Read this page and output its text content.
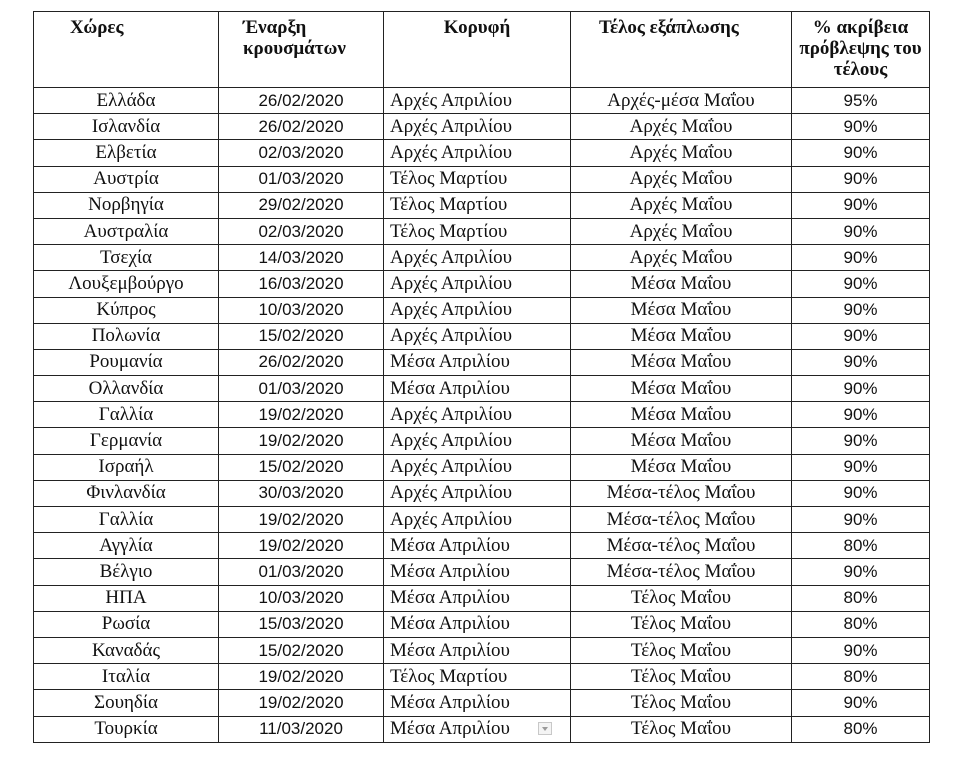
Χώρες	Έναρξη κρουσμάτων	Κορυφή	Τέλος εξάπλωσης	% ακρίβεια πρόβλεψης του τέλους
Ελλάδα	26/02/2020	Αρχές Απριλίου	Αρχές-μέσα Μαΐου	95%
Ισλανδία	26/02/2020	Αρχές Απριλίου	Αρχές Μαΐου	90%
Ελβετία	02/03/2020	Αρχές Απριλίου	Αρχές Μαΐου	90%
Αυστρία	01/03/2020	Τέλος Μαρτίου	Αρχές Μαΐου	90%
Νορβηγία	29/02/2020	Τέλος Μαρτίου	Αρχές Μαΐου	90%
Αυστραλία	02/03/2020	Τέλος Μαρτίου	Αρχές Μαΐου	90%
Τσεχία	14/03/2020	Αρχές Απριλίου	Αρχές Μαΐου	90%
Λουξεμβούργο	16/03/2020	Αρχές Απριλίου	Μέσα Μαΐου	90%
Κύπρος	10/03/2020	Αρχές Απριλίου	Μέσα Μαΐου	90%
Πολωνία	15/02/2020	Αρχές Απριλίου	Μέσα Μαΐου	90%
Ρουμανία	26/02/2020	Μέσα Απριλίου	Μέσα Μαΐου	90%
Ολλανδία	01/03/2020	Μέσα Απριλίου	Μέσα Μαΐου	90%
Γαλλία	19/02/2020	Αρχές Απριλίου	Μέσα Μαΐου	90%
Γερμανία	19/02/2020	Αρχές Απριλίου	Μέσα Μαΐου	90%
Ισραήλ	15/02/2020	Αρχές Απριλίου	Μέσα Μαΐου	90%
Φινλανδία	30/03/2020	Αρχές Απριλίου	Μέσα-τέλος Μαΐου	90%
Γαλλία	19/02/2020	Αρχές Απριλίου	Μέσα-τέλος Μαΐου	90%
Αγγλία	19/02/2020	Μέσα Απριλίου	Μέσα-τέλος Μαΐου	80%
Βέλγιο	01/03/2020	Μέσα Απριλίου	Μέσα-τέλος Μαΐου	90%
ΗΠΑ	10/03/2020	Μέσα Απριλίου	Τέλος Μαΐου	80%
Ρωσία	15/03/2020	Μέσα Απριλίου	Τέλος Μαΐου	80%
Καναδάς	15/02/2020	Μέσα Απριλίου	Τέλος Μαΐου	90%
Ιταλία	19/02/2020	Τέλος Μαρτίου	Τέλος Μαΐου	80%
Σουηδία	19/02/2020	Μέσα Απριλίου	Τέλος Μαΐου	90%
Τουρκία	11/03/2020	Μέσα Απριλίου	Τέλος Μαΐου	80%
